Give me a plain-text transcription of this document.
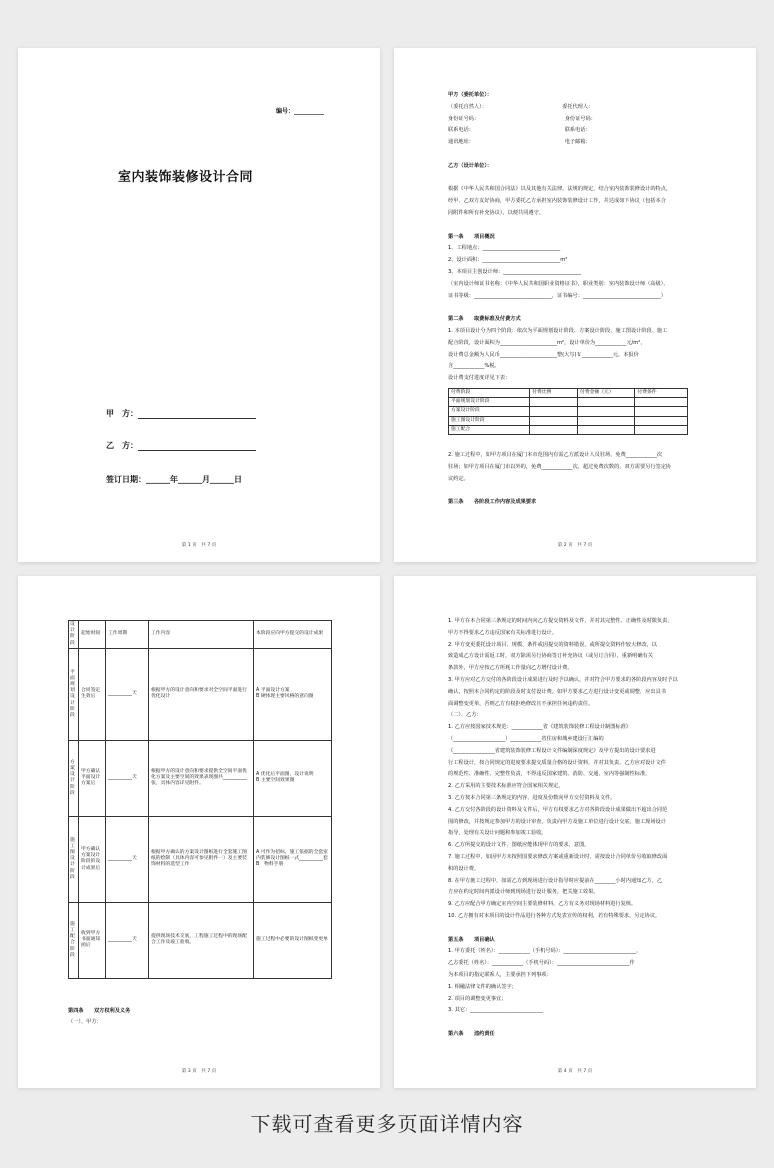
编号：__________
室内装饰装修设计合同
甲　方：
乙　方：
签订日期：______年______月______日
第 1 页　共 7 页
甲方（委托单位）：
（委托自然人）：　　　　　　　　　　　　　　　委托代理人：
身份证号码：　　　　　　　　　　　　　　　　　身份证号码：
联系电话：　　　　　　　　　　　　　　　　　　联系电话：
通讯地址：　　　　　　　　　　　　　　　　　　电子邮箱：
乙方（设计单位）：
根据《中华人民共和国合同法》以及其他有关法律，法规的规定，结合室内装饰装修设计的特点，
经甲、乙双方友好协商，甲方委托乙方承担室内装饰装修设计工作，并达成如下协议（包括本合
同附件和所有补充协议），以便共同遵守。
第一条　　项目概况
1、工程地点：______________________________
2、设计面积：______________________________m²
3、本项目主创设计师：______________________________
（室内设计师证书名称：《中华人民共和国职业资格证书》，职业类别：室内装饰设计师（高级），
证书等级：______________________________，证书编号：______________________________）
第二条　　取费标准及付费方式
1. 本项目设计分为四个阶段：依次为平面规划设计阶段、方案设计阶段、施工图设计阶段、施工
配合阶段，设计面积为______________________m²，设计单价为____________元/m²，
设计费总金额为人民币______________________整(大写)￥____________元，本报价
含____________%税。
设计费支付进度详见下表：
付费阶段	付费比例	付费金额（元）	付费条件
平面规划设计阶段			
方案设计阶段			
施工图设计阶段			
施工配合			
2. 施工过程中，如甲方项目在厦门本市范围内有需乙方派设计人员驻场，免费____________次
驻场；如甲方项目在厦门市以外的，免费____________次，超过免费次数的，双方需要另行签定协
议约定。
第三条　　各阶段工作内容及成果要求
第 2 页　共 7 页
设计阶段	起始时间	工作周期	工作内容	本阶段应向甲方提交的设计成果
平面规划设计阶段	合同签定生效后	__________天	根据甲方的设计意向和要求对全空间平面进行优化设计	A 平面设计方案
B 硬体现主要风格的意向图
方案设计阶段	甲方确认平面设计方案后	__________天	根据甲方的设计意向和要求提供全空间平面优化方案及主要空间的效果表现图共__________张，具体内容详见附件。	A 优化后平面图，设计说明
B 主要空间效果图
施工图设计阶段	甲方确认方案设计阶段的设计成果后	__________天	根据甲方确认的方案设计图纸进行全套施工图纸的绘制（具体内容可参见附件一）及主要装饰材料的选型工作	A 可作为招标，施工依据的全套室内装修设计图纸一式__________套
B　物料手册
施工配合阶段	收到甲方书面通知函后	__________天	提供现场技术交底，工程施工过程中的现场配合工作及竣工验收。	施工过程中必要的设计图纸变更单
第四条　　双方权利及义务
（一）、甲方：
第 3 页　共 7 页
1. 甲方在本合同第三条规定的时间内向乙方提交资料及文件，并对其完整性、正确性及时限负责，
甲方不得要求乙方违反国家有关标准进行设计。
2. 甲方变更委托设计项目、规模、条件或因提交的资料错误，或所提交资料作较大修改，以
致造成乙方设计需返工时，双方除需另行协商签订补充协议（或另订合同），重新明确有关
条款外，甲方应按乙方所耗工作量向乙方增付设计费。
3. 甲方应对乙方交付的各阶段设计成果进行及时予以确认，并对符合甲方要求的各阶段内容及时予以
确认，按照本合同约定的阶段及时支付设计费。如甲方要求乙方进行设计变更或调整，应出具书
面调整变更单，否则乙方有权拒绝修改且不承担任何违约责任。
（二）、乙方：
1. 乙方应按国家技术规范：____________省《建筑装饰装修工程设计制图标准》
（____________________）____________省住房和城乡建设厅汇编的
《________________省建筑装饰装修工程设计文件编制深度规定》及甲方提出的设计要求进
行工程设计，按合同规定的进度要求提交质量合格的设计资料，并对其负责，乙方应对设计文件
的规范性、准确性、完整性负责，不得违反国家建筑、消防、交通、室内等强制性标准。
2. 乙方采用的主要技术标准应符合国家相关规定。
3. 乙方按本合同第三条规定的内容、进度及份数向甲方交付资料及文件。
4. 乙方交付各阶段的设计资料及文件后，甲方有权要求乙方对各阶段设计成果做出不超出合同范
围的修改，并按规定参加甲方的设计审查，负责向甲方及施工单位进行设计交底，施工现场设计
指导，处理有关设计问题和参加竣工验收。
6. 乙方所提交的设计文件、图纸应能体现甲方的要求，意图。
7. 施工过程中，如因甲方未按照国要求修改方案或重新设计时，需按设计合同单价另收取修改面
积的设计费。
8. 在甲方施工过程中，如需乙方到现场进行设计指导时应提前在________小时内通知乙方，乙
方应在约定时间内派设计师到现场进行设计服务，把关施工效果。
9. 乙方应配合甲方确定室内空间主要装修材料，乙方有义务对现场材料进行复核。
10. 乙方拥有对本项目的设计作品进行各种方式发表宣传的权利，若有特殊要求，另定协议。
第五条　　项目确认
1. 甲方委托（姓名）：____________（手机号码）：____________________________，
乙方委托（姓名）：____________（手机号码）：____________________________作
为本项目的指定联系人，主要承担下列事项：
1. 相融法律文件的确认签字；
2. 项目的调整变更事宜；
3. 其它：____________________________
第六条　　违约责任
第 4 页　共 7 页
下载可查看更多页面详情内容
